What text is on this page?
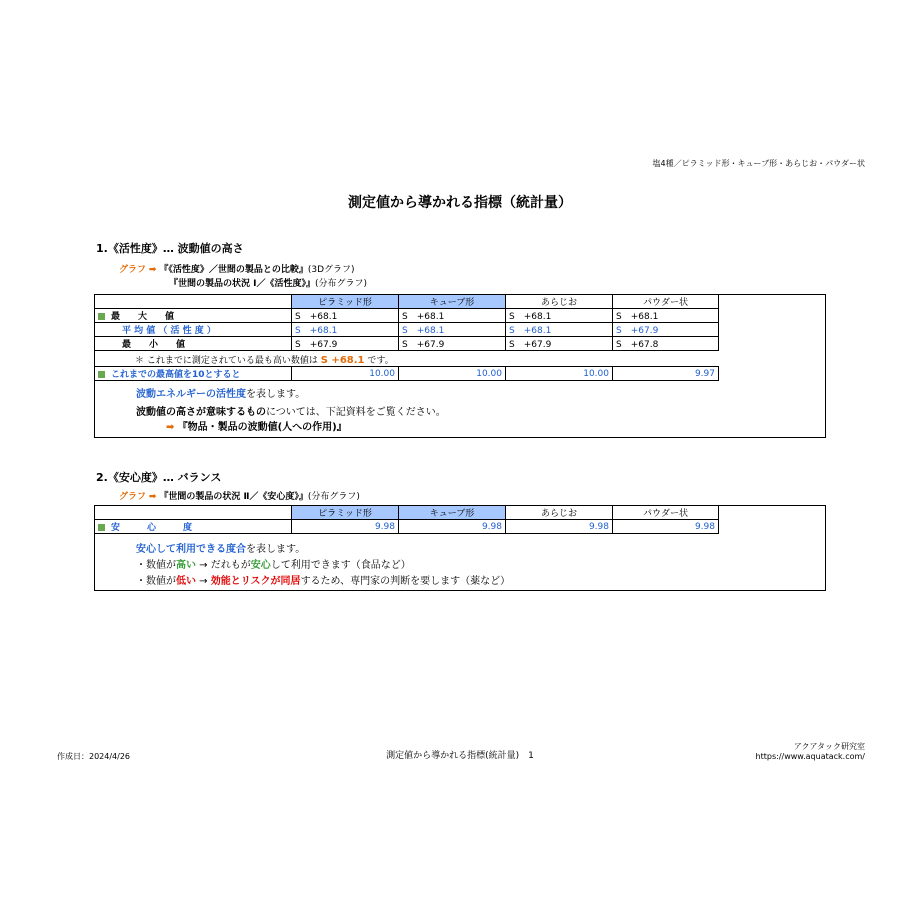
塩4種／ピラミッド形・キューブ形・あらじお・パウダー状
測定値から導かれる指標（統計量）
1.《活性度》… 波動値の高さ
グラフ ➡ 『《活性度》／世間の製品との比較』(3Dグラフ)
『世間の製品の状況 Ⅰ／《活性度》』(分布グラフ)
	ピラミッド形	キューブ形	あらじお	パウダー状
最　　大　　値	S　+68.1	S　+68.1	S　+68.1	S　+68.1
平 均 値 （ 活 性 度 ）	S　+68.1	S　+68.1	S　+68.1	S　+67.9
最　　小　　値	S　+67.9	S　+67.9	S　+67.9	S　+67.8
＊ これまでに測定されている最も高い数値は S +68.1 です。
これまでの最高値を10とすると	10.00	10.00	10.00	9.97
波動エネルギーの活性度を表します。
波動値の高さが意味するものについては、下記資料をご覧ください。
➡ 『物品・製品の波動値(人への作用)』
2.《安心度》… バランス
グラフ ➡ 『世間の製品の状況 Ⅱ／《安心度》』(分布グラフ)
	ピラミッド形	キューブ形	あらじお	パウダー状
安　　　心　　　度	9.98	9.98	9.98	9.98
安心して利用できる度合を表します。
・数値が高い → だれもが安心して利用できます（食品など）
・数値が低い → 効能とリスクが同居するため、専門家の判断を要します（薬など）
作成日：2024/4/26	測定値から導かれる指標(統計量)　1
アクアタック研究室
https://www.aquatack.com/
